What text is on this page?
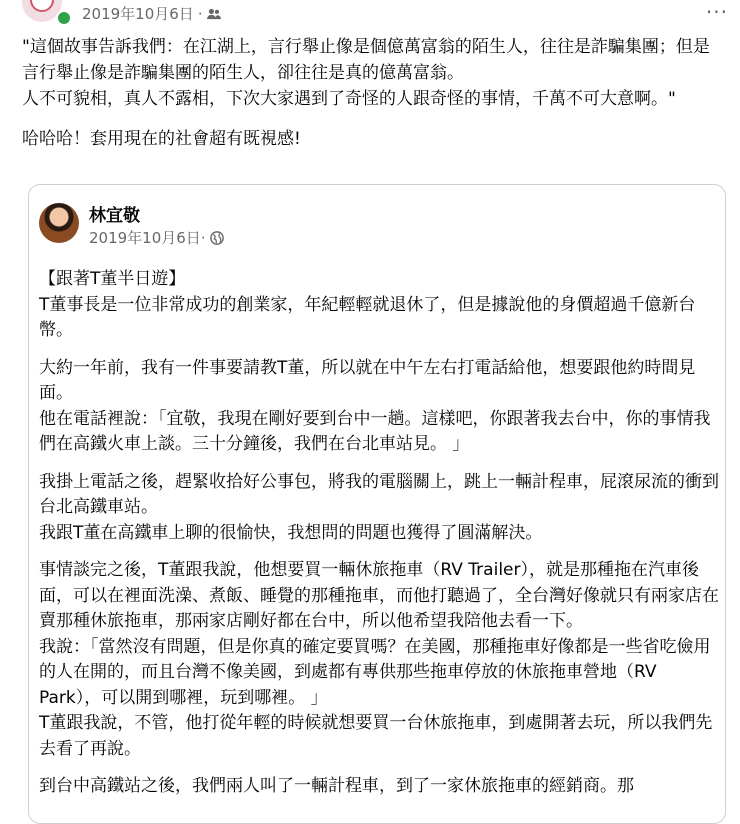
2019年10月6日 ·	···

"這個故事告訴我們：在江湖上，言行舉止像是個億萬富翁的陌生人，往往是詐騙集團；但是言行舉止像是詐騙集團的陌生人，卻往往是真的億萬富翁。

人不可貌相，真人不露相，下次大家遇到了奇怪的人跟奇怪的事情，千萬不可大意啊。"

哈哈哈！套用現在的社會超有既視感!

林宜敬
2019年10月6日·

【跟著T董半日遊】

T董事長是一位非常成功的創業家，年紀輕輕就退休了，但是據說他的身價超過千億新台幣。

大約一年前，我有一件事要請教T董，所以就在中午左右打電話給他，想要跟他約時間見面。

他在電話裡說：「宜敬，我現在剛好要到台中一趟。這樣吧，你跟著我去台中，你的事情我們在高鐵火車上談。三十分鐘後，我們在台北車站見。 」

我掛上電話之後，趕緊收拾好公事包，將我的電腦關上，跳上一輛計程車，屁滾尿流的衝到台北高鐵車站。

我跟T董在高鐵車上聊的很愉快，我想問的問題也獲得了圓滿解決。

事情談完之後，T董跟我說，他想要買一輛休旅拖車（RV Trailer），就是那種拖在汽車後面，可以在裡面洗澡、煮飯、睡覺的那種拖車，而他打聽過了，全台灣好像就只有兩家店在賣那種休旅拖車，那兩家店剛好都在台中，所以他希望我陪他去看一下。

我說：「當然沒有問題，但是你真的確定要買嗎？在美國，那種拖車好像都是一些省吃儉用的人在開的，而且台灣不像美國，到處都有專供那些拖車停放的休旅拖車營地（RV Park），可以開到哪裡，玩到哪裡。 」

T董跟我說，不管，他打從年輕的時候就想要買一台休旅拖車，到處開著去玩，所以我們先去看了再說。

到台中高鐵站之後，我們兩人叫了一輛計程車，到了一家休旅拖車的經銷商。那
